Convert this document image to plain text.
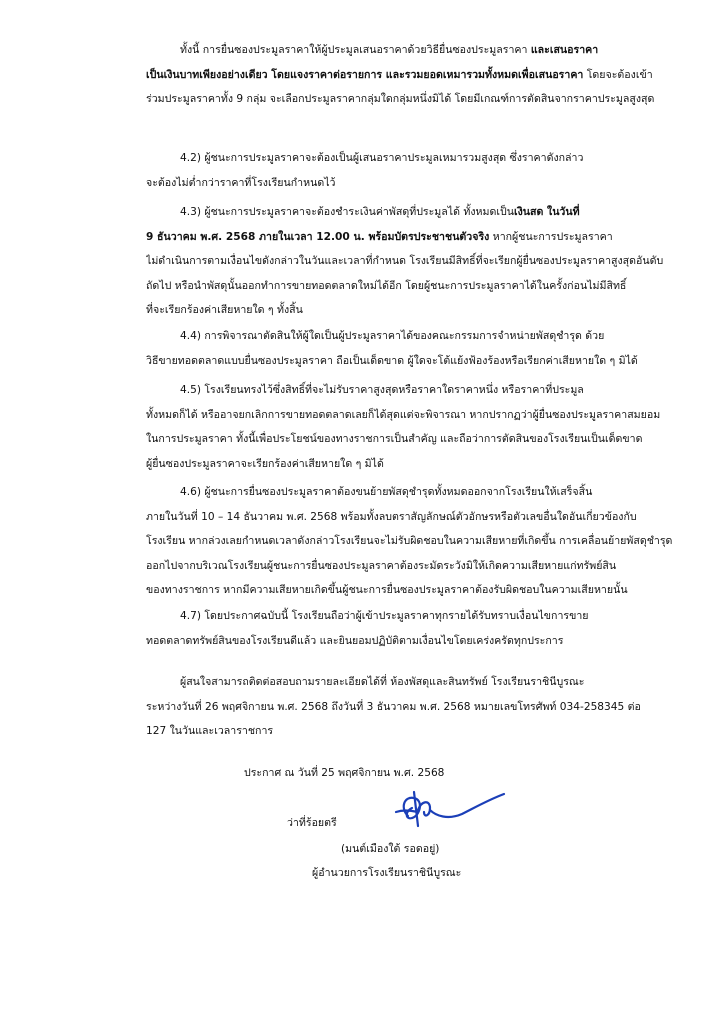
ทั้งนี้ การยื่นซองประมูลราคาให้ผู้ประมูลเสนอราคาด้วยวิธียื่นซองประมูลราคา และเสนอราคา
เป็นเงินบาทเพียงอย่างเดียว โดยแจงราคาต่อรายการ และรวมยอดเหมารวมทั้งหมดเพื่อเสนอราคา โดยจะต้องเข้า
ร่วมประมูลราคาทั้ง 9 กลุ่ม จะเลือกประมูลราคากลุ่มใดกลุ่มหนึ่งมิได้ โดยมีเกณฑ์การตัดสินจากราคาประมูลสูงสุด
4.2) ผู้ชนะการประมูลราคาจะต้องเป็นผู้เสนอราคาประมูลเหมารวมสูงสุด ซึ่งราคาดังกล่าว
จะต้องไม่ต่ำกว่าราคาที่โรงเรียนกำหนดไว้
4.3) ผู้ชนะการประมูลราคาจะต้องชำระเงินค่าพัสดุที่ประมูลได้ ทั้งหมดเป็นเงินสด ในวันที่
9 ธันวาคม พ.ศ. 2568 ภายในเวลา 12.00 น. พร้อมบัตรประชาชนตัวจริง หากผู้ชนะการประมูลราคา
ไม่ดำเนินการตามเงื่อนไขดังกล่าวในวันและเวลาที่กำหนด โรงเรียนมีสิทธิ์ที่จะเรียกผู้ยื่นซองประมูลราคาสูงสุดอันดับ
ถัดไป หรือนำพัสดุนั้นออกทำการขายทอดตลาดใหม่ได้อีก โดยผู้ชนะการประมูลราคาได้ในครั้งก่อนไม่มีสิทธิ์
ที่จะเรียกร้องค่าเสียหายใด ๆ ทั้งสิ้น
4.4) การพิจารณาตัดสินให้ผู้ใดเป็นผู้ประมูลราคาได้ของคณะกรรมการจำหน่ายพัสดุชำรุด ด้วย
วิธีขายทอดตลาดแบบยื่นซองประมูลราคา ถือเป็นเด็ดขาด ผู้ใดจะโต้แย้งฟ้องร้องหรือเรียกค่าเสียหายใด ๆ มิได้
4.5) โรงเรียนทรงไว้ซึ่งสิทธิ์ที่จะไม่รับราคาสูงสุดหรือราคาใดราคาหนึ่ง หรือราคาที่ประมูล
ทั้งหมดก็ได้ หรืออาจยกเลิกการขายทอดตลาดเลยก็ได้สุดแต่จะพิจารณา หากปรากฏว่าผู้ยื่นซองประมูลราคาสมยอม
ในการประมูลราคา ทั้งนี้เพื่อประโยชน์ของทางราชการเป็นสำคัญ และถือว่าการตัดสินของโรงเรียนเป็นเด็ดขาด
ผู้ยื่นซองประมูลราคาจะเรียกร้องค่าเสียหายใด ๆ มิได้
4.6) ผู้ชนะการยื่นซองประมูลราคาต้องขนย้ายพัสดุชำรุดทั้งหมดออกจากโรงเรียนให้เสร็จสิ้น
ภายในวันที่ 10 – 14 ธันวาคม พ.ศ. 2568 พร้อมทั้งลบตราสัญลักษณ์ตัวอักษรหรือตัวเลขอื่นใดอันเกี่ยวข้องกับ
โรงเรียน หากล่วงเลยกำหนดเวลาดังกล่าวโรงเรียนจะไม่รับผิดชอบในความเสียหายที่เกิดขึ้น การเคลื่อนย้ายพัสดุชำรุด
ออกไปจากบริเวณโรงเรียนผู้ชนะการยื่นซองประมูลราคาต้องระมัดระวังมิให้เกิดความเสียหายแก่ทรัพย์สิน
ของทางราชการ หากมีความเสียหายเกิดขึ้นผู้ชนะการยื่นซองประมูลราคาต้องรับผิดชอบในความเสียหายนั้น
4.7) โดยประกาศฉบับนี้ โรงเรียนถือว่าผู้เข้าประมูลราคาทุกรายได้รับทราบเงื่อนไขการขาย
ทอดตลาดทรัพย์สินของโรงเรียนดีแล้ว และยินยอมปฏิบัติตามเงื่อนไขโดยเคร่งครัดทุกประการ
ผู้สนใจสามารถติดต่อสอบถามรายละเอียดได้ที่ ห้องพัสดุและสินทรัพย์ โรงเรียนราชินีบูรณะ
ระหว่างวันที่ 26 พฤศจิกายน พ.ศ. 2568 ถึงวันที่ 3 ธันวาคม พ.ศ. 2568 หมายเลขโทรศัพท์ 034-258345 ต่อ
127 ในวันและเวลาราชการ
ประกาศ ณ วันที่ 25 พฤศจิกายน พ.ศ. 2568
ว่าที่ร้อยตรี
(มนต์เมืองใต้ รอดอยู่)
ผู้อำนวยการโรงเรียนราชินีบูรณะ
